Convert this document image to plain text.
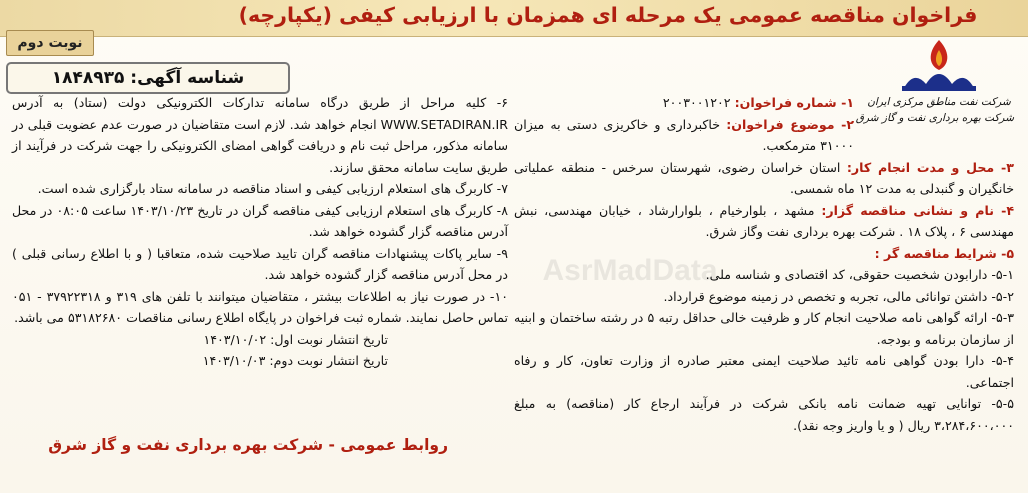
فراخوان مناقصه عمومی یک مرحله ای همزمان با ارزیابی کیفی (یکپارچه)
نوبت دوم
شناسه آگهی: ۱۸۴۸۹۳۵
شرکت نفت مناطق مرکزی ایران
شرکت بهره برداری نفت و گاز شرق

۱- شماره فراخوان: ۲۰۰۳۰۰۱۲۰۲

۲- موضوع فراخوان: خاکبرداری و خاکریزی دستی به میزان ۳۱۰۰۰ مترمکعب.

۳- محل و مدت انجام کار: استان خراسان رضوی، شهرستان سرخس - منطقه عملیاتی خانگیران و گنبدلی به مدت ۱۲ ماه شمسی.

۴- نام و نشانی مناقصه گزار: مشهد ، بلوارخیام ، بلوارارشاد ، خیابان مهندسی، نبش مهندسی ۶ ، پلاک ۱۸ . شرکت بهره برداری نفت وگاز شرق.

۵- شرایط مناقصه گر :

۵-۱- دارابودن شخصیت حقوقی، کد اقتصادی و شناسه ملی.

۵-۲- داشتن توانائی مالی، تجربه و تخصص در زمینه موضوع قرارداد.

۵-۳- ارائه گواهی نامه صلاحیت انجام کار و ظرفیت خالی حداقل رتبه ۵ در رشته ساختمان و ابنیه از سازمان برنامه و بودجه.

۵-۴- دارا بودن گواهی نامه تائید صلاحیت ایمنی معتبر صادره از وزارت تعاون، کار و رفاه اجتماعی.

۵-۵- توانایی تهیه ضمانت نامه بانکی شرکت در فرآیند ارجاع کار (مناقصه) به مبلغ ۳،۲۸۴،۶۰۰،۰۰۰ ریال ( و یا واریز وجه نقد).

۶- کلیه مراحل از طریق درگاه سامانه تدارکات الکترونیکی دولت (ستاد) به آدرس WWW.SETADIRAN.IR انجام خواهد شد. لازم است متقاضیان در صورت عدم عضویت قبلی در سامانه مذکور، مراحل ثبت نام و دریافت گواهی امضای الکترونیکی را جهت شرکت در فرآیند از طریق سایت سامانه محقق سازند.

۷- کاربرگ های استعلام ارزیابی کیفی و اسناد مناقصه در سامانه ستاد بارگزاری شده است.

۸- کاربرگ های استعلام ارزیابی کیفی مناقصه گران در تاریخ ۱۴۰۳/۱۰/۲۳ ساعت ۰۸:۰۵ در محل آدرس مناقصه گزار گشوده خواهد شد.

۹- سایر پاکات پیشنهادات مناقصه گران تایید صلاحیت شده، متعاقبا ( و با اطلاع رسانی قبلی ) در محل آدرس مناقصه گزار گشوده خواهد شد.

۱۰- در صورت نیاز به اطلاعات بیشتر ، متقاضیان میتوانند با تلفن های ۳۱۹ و ۳۷۹۲۲۳۱۸ - ۰۵۱ تماس حاصل نمایند. شماره ثبت فراخوان در پایگاه اطلاع رسانی مناقصات ۵۳۱۸۲۶۸۰ می باشد.

تاریخ انتشار نوبت اول: ۱۴۰۳/۱۰/۰۲

تاریخ انتشار نوبت دوم: ۱۴۰۳/۱۰/۰۳

روابط عمومی - شرکت بهره برداری نفت و گاز شرق
AsrMadData
